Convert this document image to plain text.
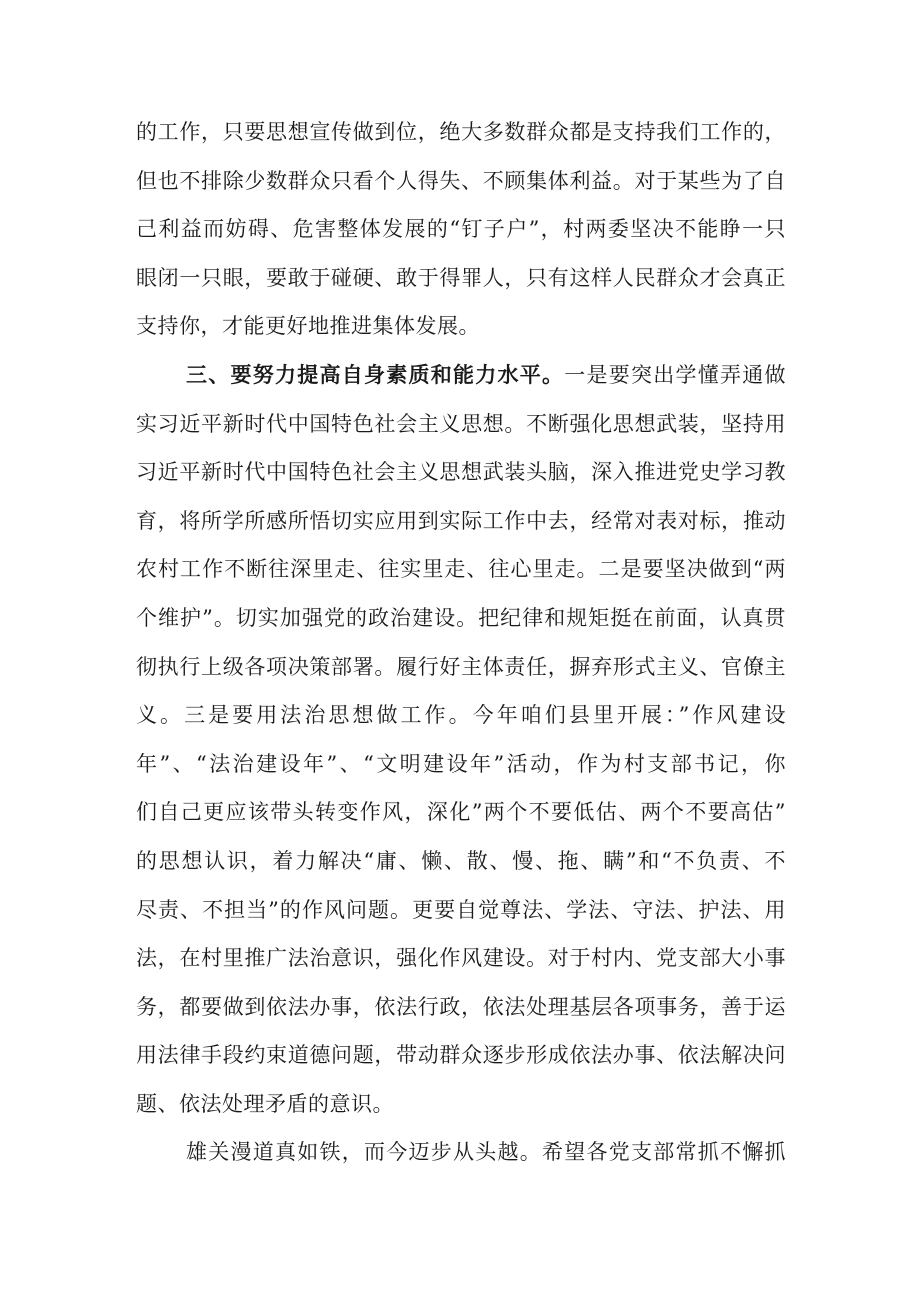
的工作，只要思想宣传做到位，绝大多数群众都是支持我们工作的，
但也不排除少数群众只看个人得失、不顾集体利益。对于某些为了自
己利益而妨碍、危害整体发展的“钉子户”，村两委坚决不能睁一只
眼闭一只眼，要敢于碰硬、敢于得罪人，只有这样人民群众才会真正
支持你，才能更好地推进集体发展。
三、要努力提高自身素质和能力水平。一是要突出学懂弄通做
实习近平新时代中国特色社会主义思想。不断强化思想武装，坚持用
习近平新时代中国特色社会主义思想武装头脑，深入推进党史学习教
育，将所学所感所悟切实应用到实际工作中去，经常对表对标，推动
农村工作不断往深里走、往实里走、往心里走。二是要坚决做到“两
个维护”。切实加强党的政治建设。把纪律和规矩挺在前面，认真贯
彻执行上级各项决策部署。履行好主体责任，摒弃形式主义、官僚主
义。三是要用法治思想做工作。今年咱们县里开展：”作风建设
年”、“法治建设年”、“文明建设年”活动，作为村支部书记，你
们自己更应该带头转变作风，深化”两个不要低估、两个不要高估”
的思想认识，着力解决“庸、懒、散、慢、拖、瞒”和“不负责、不
尽责、不担当”的作风问题。更要自觉尊法、学法、守法、护法、用
法，在村里推广法治意识，强化作风建设。对于村内、党支部大小事
务，都要做到依法办事，依法行政，依法处理基层各项事务，善于运
用法律手段约束道德问题，带动群众逐步形成依法办事、依法解决问
题、依法处理矛盾的意识。
雄关漫道真如铁，而今迈步从头越。希望各党支部常抓不懈抓
